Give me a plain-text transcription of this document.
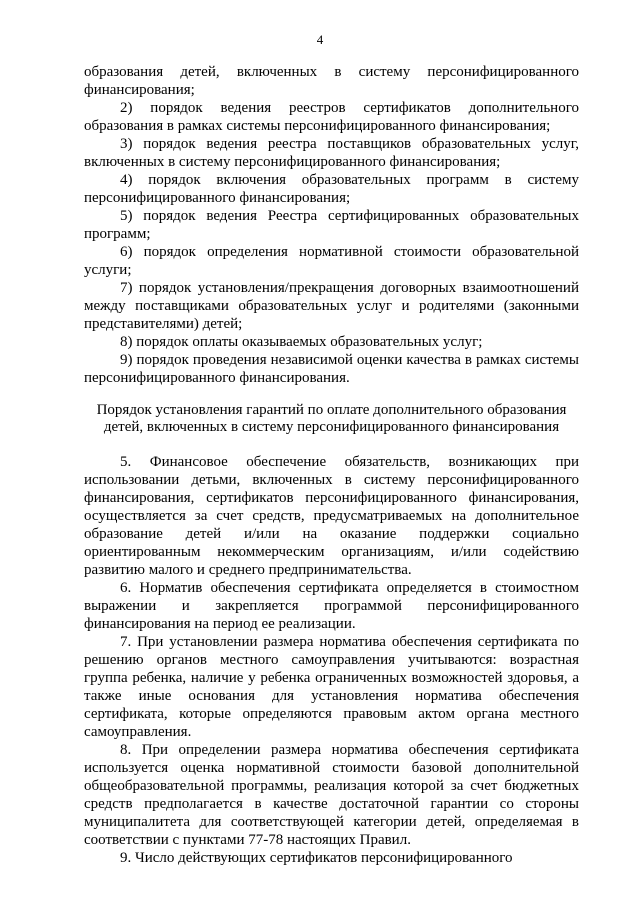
4

образования детей, включенных в систему персонифицированного финансирования;

2) порядок ведения реестров сертификатов дополнительного образования в рамках системы персонифицированного финансирования;

3) порядок ведения реестра поставщиков образовательных услуг, включенных в систему персонифицированного финансирования;

4) порядок включения образовательных программ в систему персонифицированного финансирования;

5) порядок ведения Реестра сертифицированных образовательных программ;

6) порядок определения нормативной стоимости образовательной услуги;

7) порядок установления/прекращения договорных взаимоотношений между поставщиками образовательных услуг и родителями (законными представителями) детей;

8) порядок оплаты оказываемых образовательных услуг;

9) порядок проведения независимой оценки качества в рамках системы персонифицированного финансирования.

Порядок установления гарантий по оплате дополнительного образования детей, включенных в систему персонифицированного финансирования

5. Финансовое обеспечение обязательств, возникающих при использовании детьми, включенных в систему персонифицированного финансирования, сертификатов персонифицированного финансирования, осуществляется за счет средств, предусматриваемых на дополнительное образование детей и/или на оказание поддержки социально ориентированным некоммерческим организациям, и/или содействию развитию малого и среднего предпринимательства.

6. Норматив обеспечения сертификата определяется в стоимостном выражении и закрепляется программой персонифицированного финансирования на период ее реализации.

7. При установлении размера норматива обеспечения сертификата по решению органов местного самоуправления учитываются: возрастная группа ребенка, наличие у ребенка ограниченных возможностей здоровья, а также иные основания для установления норматива обеспечения сертификата, которые определяются правовым актом органа местного самоуправления.

8. При определении размера норматива обеспечения сертификата используется оценка нормативной стоимости базовой дополнительной общеобразовательной программы, реализация которой за счет бюджетных средств предполагается в качестве достаточной гарантии со стороны муниципалитета для соответствующей категории детей, определяемая в соответствии с пунктами 77-78 настоящих Правил.

9. Число действующих сертификатов персонифицированного
